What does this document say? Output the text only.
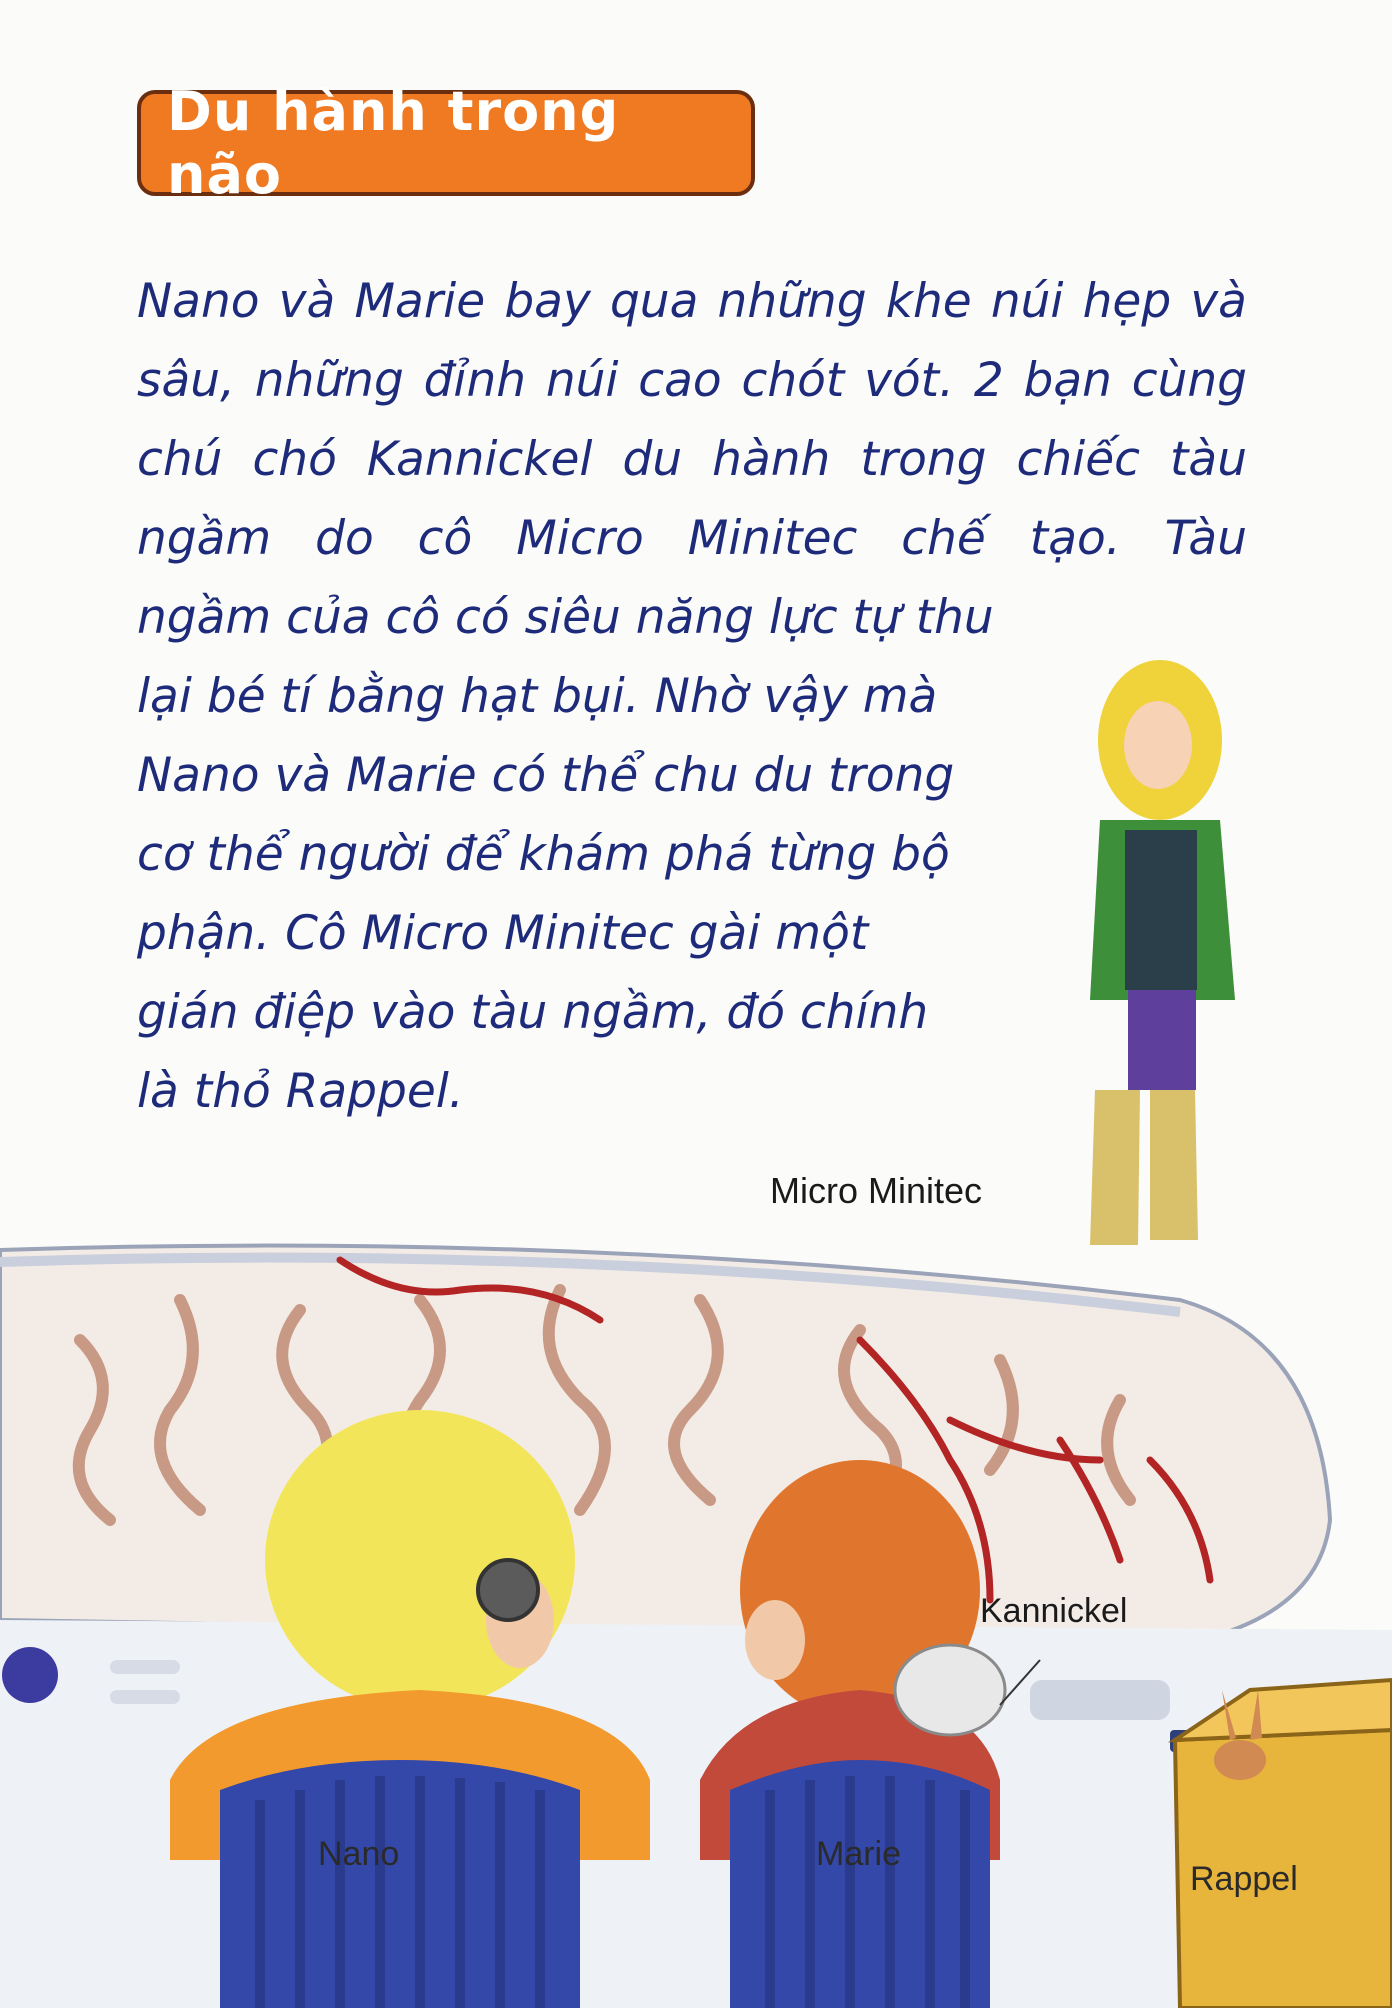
Du hành trong não
Nano và Marie bay qua những khe núi hẹp và
sâu, những đỉnh núi cao chót vót. 2 bạn cùng
chú chó Kannickel du hành trong chiếc tàu
ngầm do cô Micro Minitec chế tạo. Tàu
ngầm của cô có siêu năng lực tự thu
lại bé tí bằng hạt bụi. Nhờ vậy mà
Nano và Marie có thể chu du trong
cơ thể người để khám phá từng bộ
phận. Cô Micro Minitec gài một
gián điệp vào tàu ngầm, đó chính
là thỏ Rappel.
Micro Minitec
Kannickel
Nano	Marie
Rappel
